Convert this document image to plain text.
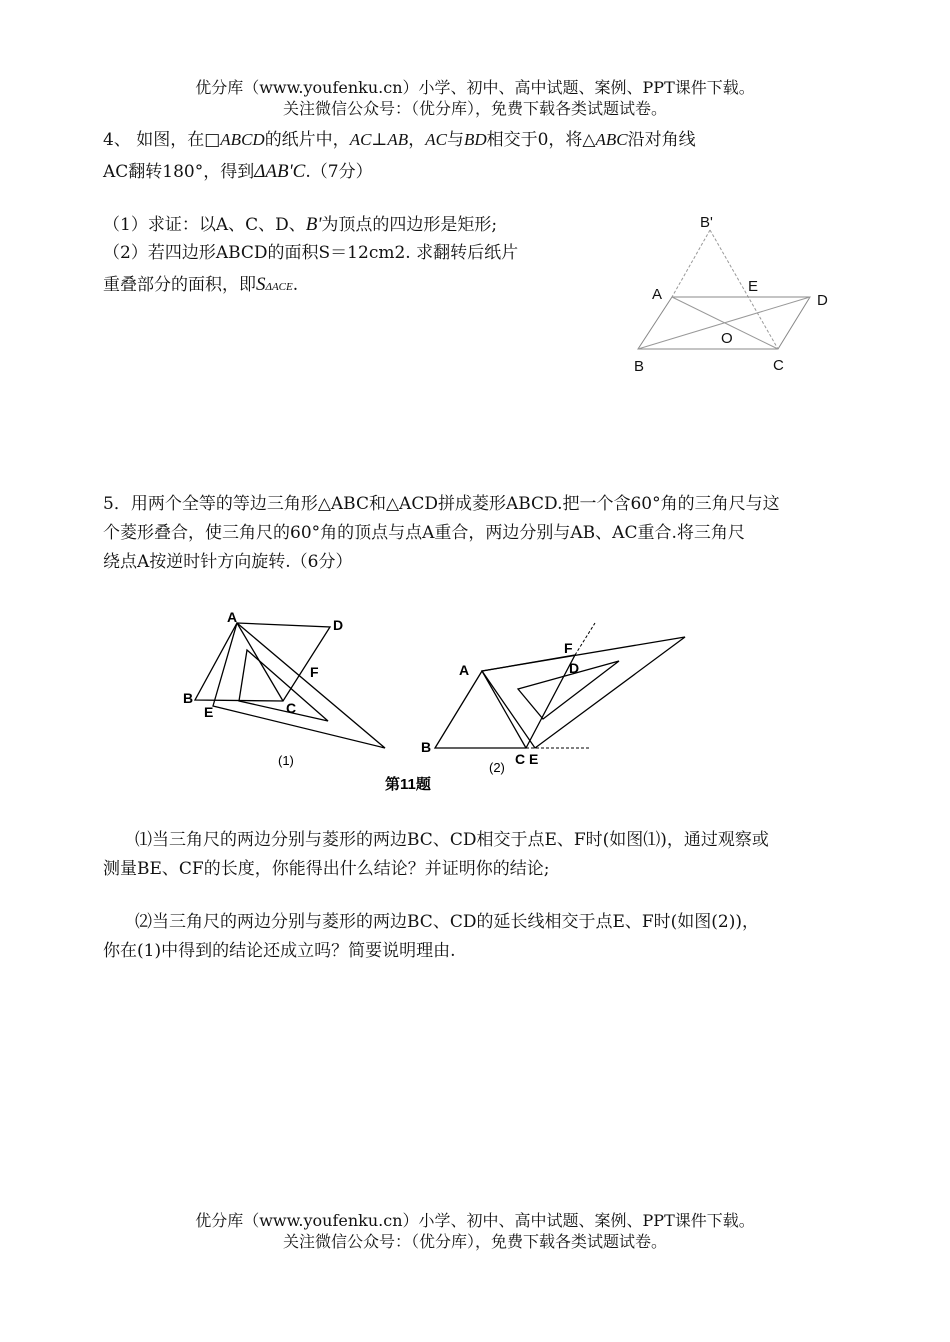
优分库（www.youfenku.cn）小学、初中、高中试题、案例、PPT课件下载。
关注微信公众号：（优分库），免费下载各类试题试卷。
4、 如图，在□ABCD的纸片中，AC⊥AB，AC与BD相交于0，将△ABC沿对角线
AC翻转180°，得到ΔAB'C.（7分）
（1）求证：以A、C、D、B'为顶点的四边形是矩形;
（2）若四边形ABCD的面积S＝12cm2. 求翻转后纸片
重叠部分的面积，即SΔACE.
B'
A	E
D
O
B	C
5．用两个全等的等边三角形△ABC和△ACD拼成菱形ABCD.把一个含60°角的三角尺与这
个菱形叠合，使三角尺的60°角的顶点与点A重合，两边分别与AB、AC重合.将三角尺
绕点A按逆时针方向旋转.（6分）
A	D
F
B
E	C
(1)
F
D
A
B
C E
(2)
第11题
⑴当三角尺的两边分别与菱形的两边BC、CD相交于点E、F时(如图⑴)，通过观察或
测量BE、CF的长度，你能得出什么结论？并证明你的结论;
⑵当三角尺的两边分别与菱形的两边BC、CD的延长线相交于点E、F时(如图(2))，
你在(1)中得到的结论还成立吗？简要说明理由.
优分库（www.youfenku.cn）小学、初中、高中试题、案例、PPT课件下载。
关注微信公众号：（优分库），免费下载各类试题试卷。
